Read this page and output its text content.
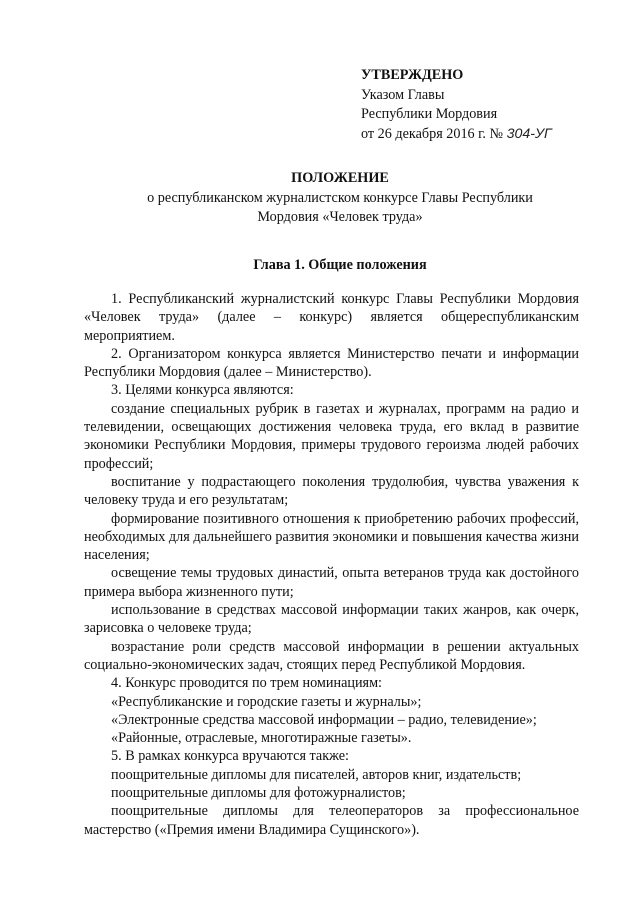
УТВЕРЖДЕНО
Указом Главы
Республики Мордовия
от 26 декабря 2016 г. № 304-УГ
ПОЛОЖЕНИЕ
о республиканском журналистском конкурсе Главы Республики Мордовия «Человек труда»
Глава 1. Общие положения

1. Республиканский журналистский конкурс Главы Республики Мордовия «Человек труда» (далее – конкурс) является общереспубликанским мероприятием.

2. Организатором конкурса является Министерство печати и информации Республики Мордовия (далее – Министерство).

3. Целями конкурса являются:

создание специальных рубрик в газетах и журналах, программ на радио и телевидении, освещающих достижения человека труда, его вклад в развитие экономики Республики Мордовия, примеры трудового героизма людей рабочих профессий;

воспитание у подрастающего поколения трудолюбия, чувства уважения к человеку труда и его результатам;

формирование позитивного отношения к приобретению рабочих профессий, необходимых для дальнейшего развития экономики и повышения качества жизни населения;

освещение темы трудовых династий, опыта ветеранов труда как достойного примера выбора жизненного пути;

использование в средствах массовой информации таких жанров, как очерк, зарисовка о человеке труда;

возрастание роли средств массовой информации в решении актуальных социально-экономических задач, стоящих перед Республикой Мордовия.

4. Конкурс проводится по трем номинациям:

«Республиканские и городские газеты и журналы»;

«Электронные средства массовой информации – радио, телевидение»;

«Районные, отраслевые, многотиражные газеты».

5. В рамках конкурса вручаются также:

поощрительные дипломы для писателей, авторов книг, издательств;

поощрительные дипломы для фотожурналистов;

поощрительные дипломы для телеоператоров за профессиональное мастерство («Премия имени Владимира Сущинского»).
